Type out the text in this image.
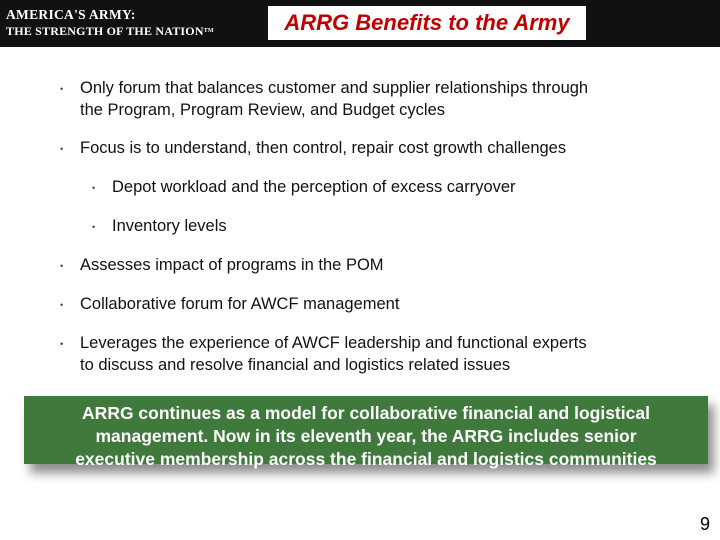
AMERICA'S ARMY:
THE STRENGTH OF THE NATION™	ARRG Benefits to the Army
• Only forum that balances customer and supplier relationships through
the Program, Program Review, and Budget cycles
• Focus is to understand, then control, repair cost growth challenges
• Depot workload and the perception of excess carryover
• Inventory levels
• Assesses impact of programs in the POM
• Collaborative forum for AWCF management
• Leverages the experience of AWCF leadership and functional experts
to discuss and resolve financial and logistics related issues
ARRG continues as a model for collaborative financial and logistical
management. Now in its eleventh year, the ARRG includes senior
executive membership across the financial and logistics communities
9
